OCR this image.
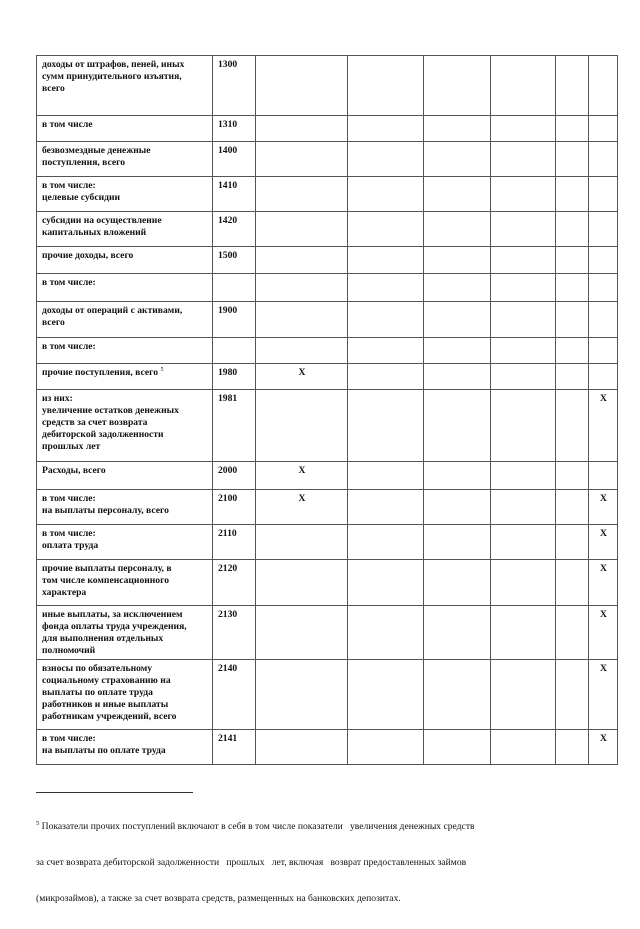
доходы от штрафов, пеней, иных
сумм принудительного изъятия,
всего	1300						

в том числе	1310						

безвозмездные денежные
поступления, всего	1400						

в том числе:
целевые субсидии	1410						

субсидии на осуществление
капитальных вложений	1420						

прочие доходы, всего	1500						

в том числе:							

доходы от операций с активами,
всего	1900						

в том числе:							

прочие поступления, всего $^5$	1980	X					

из них:
увеличение остатков денежных
средств за счет возврата
дебиторской задолженности
прошлых лет	1981						X

Расходы, всего	2000	X					

в том числе:
на выплаты персоналу, всего	2100	X					X

в том числе:
оплата труда	2110						X

прочие выплаты персоналу, в
том числе компенсационного
характера	2120						X

иные выплаты, за исключением
фонда оплаты труда учреждения,
для выполнения отдельных
полномочий	2130						X

взносы по обязательному
социальному страхованию на
выплаты по оплате труда
работников и иные выплаты
работникам учреждений, всего	2140						X

в том числе:
на выплаты по оплате труда	2141						X

$^5$ Показатели прочих поступлений включают в себя в том числе показатели   увеличения денежных средств

за счет возврата дебиторской задолженности   прошлых   лет, включая   возврат предоставленных займов

(микрозаймов), а также за счет возврата средств, размещенных на банковских депозитах.
